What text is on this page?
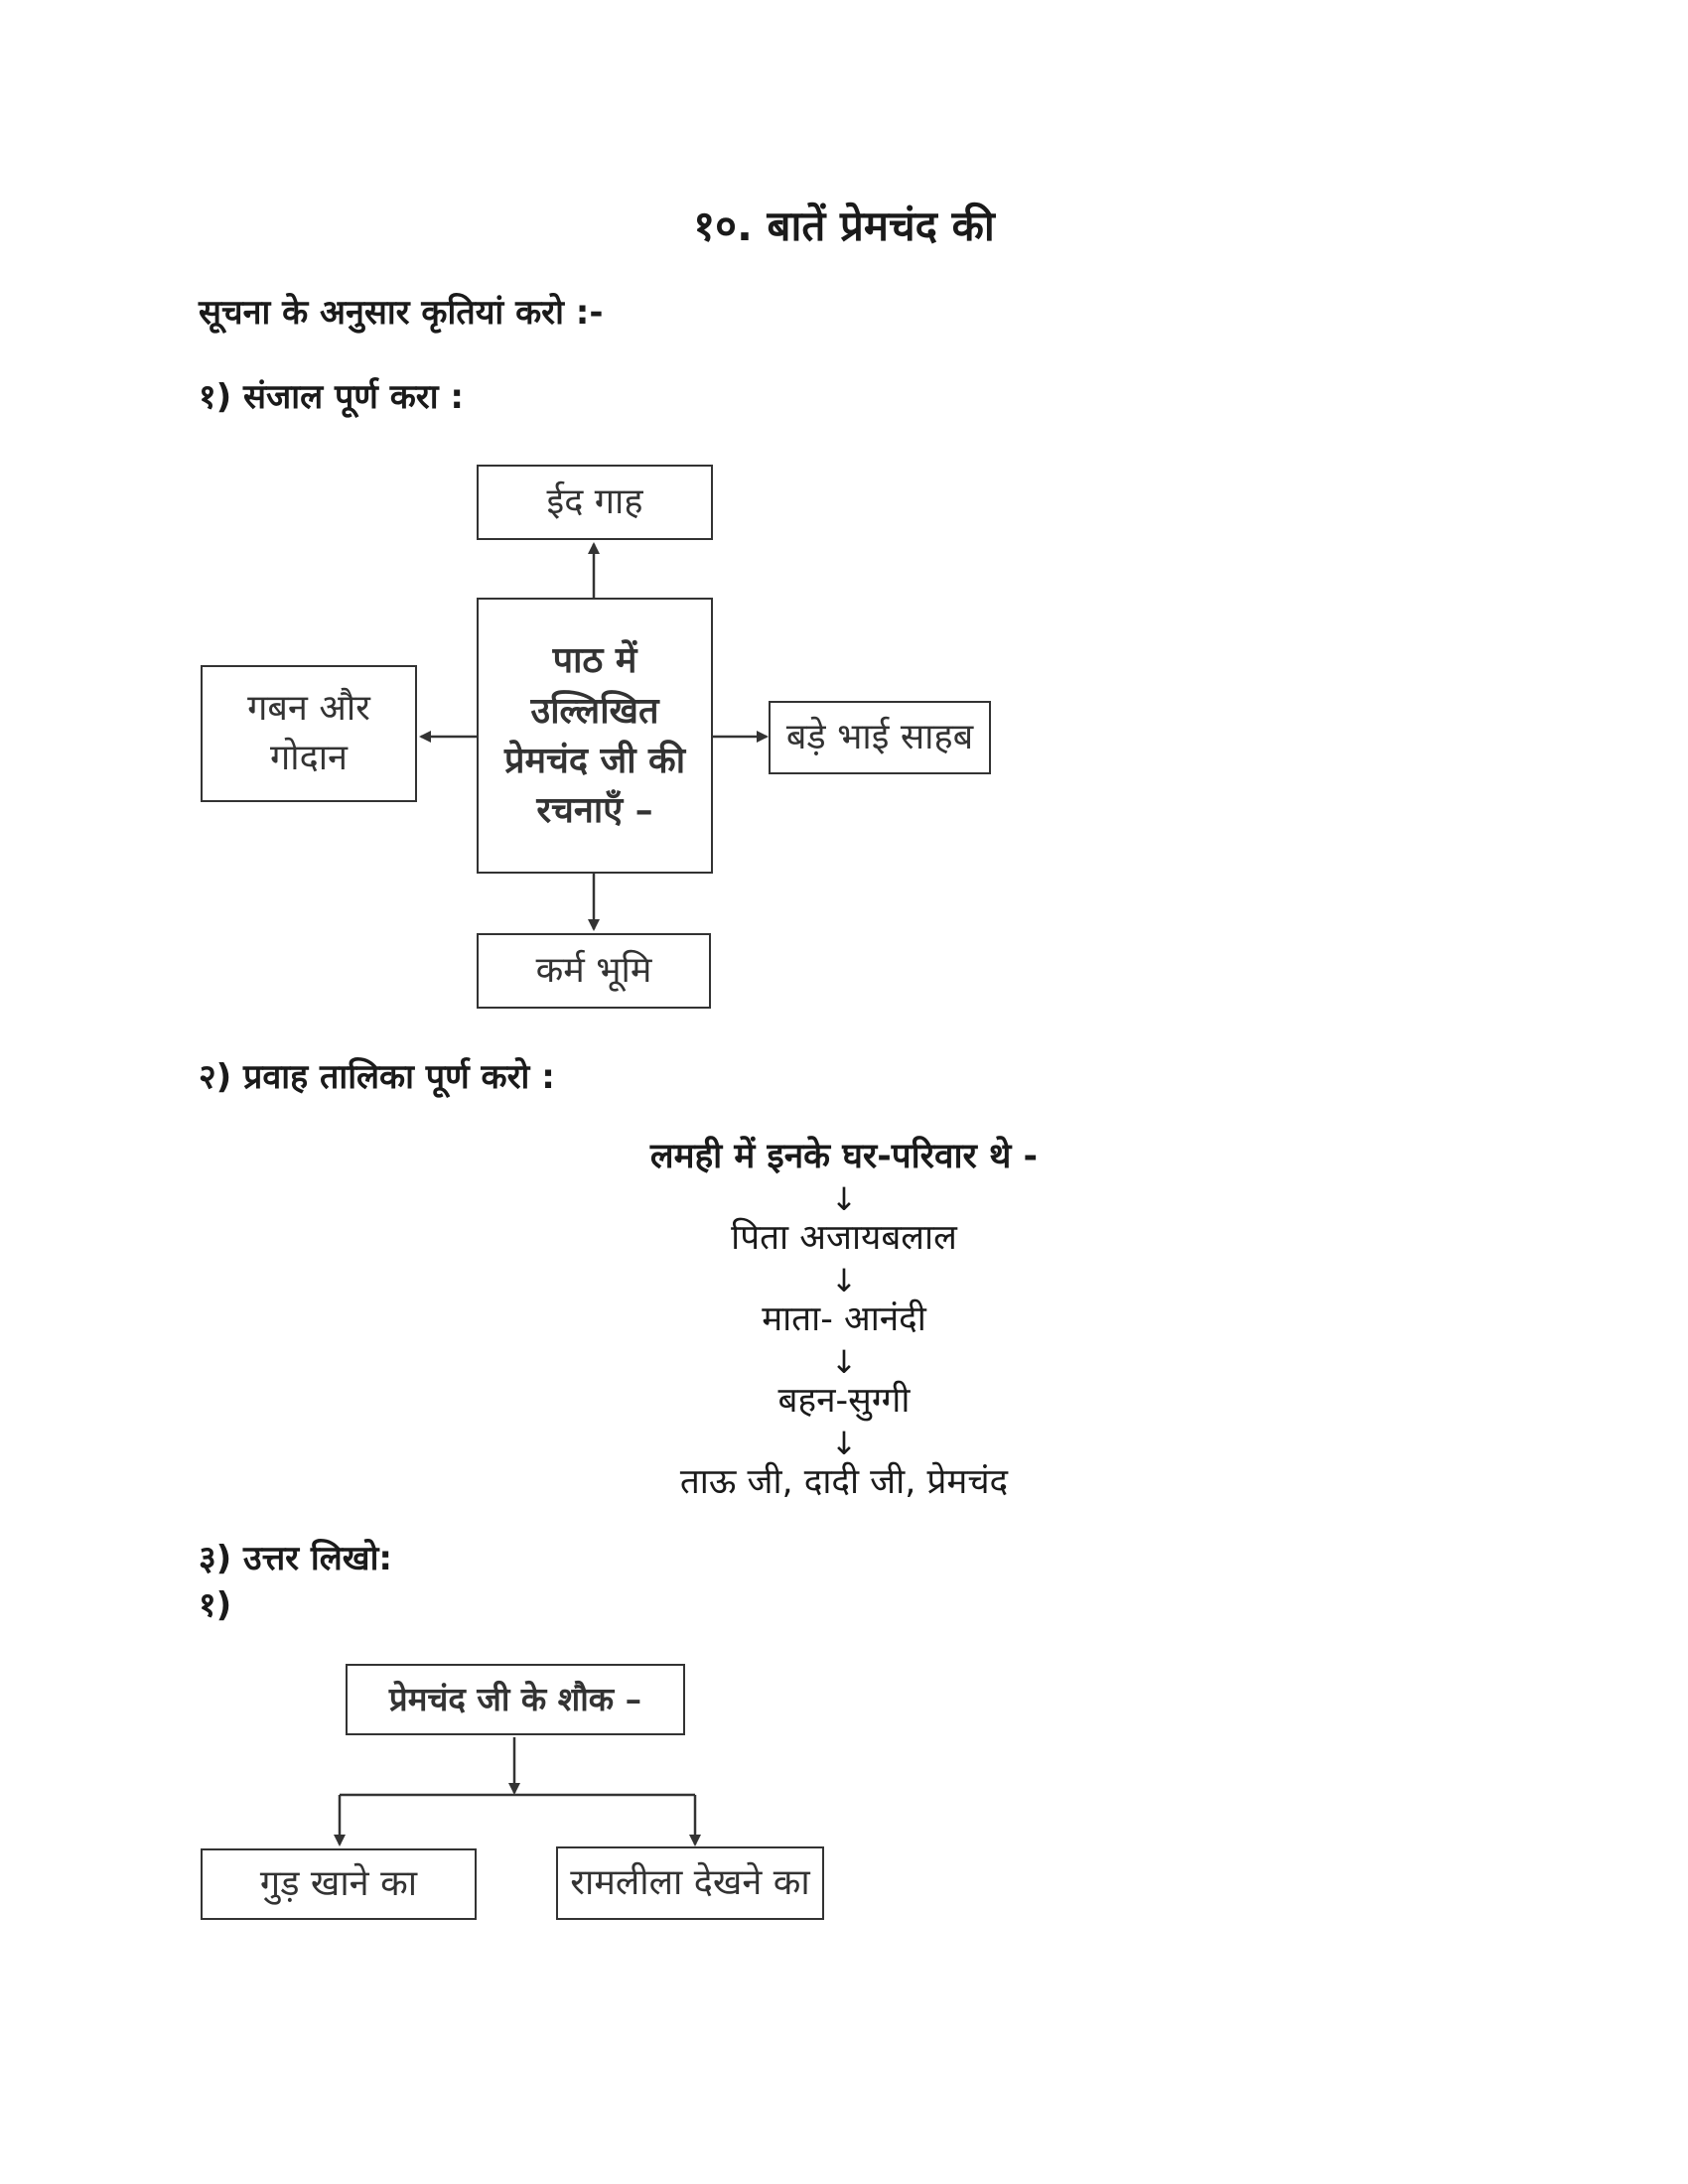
१०. बातें प्रेमचंद की
सूचना के अनुसार कृतियां करो :-
१) संजाल पूर्ण करा :
ईद गाह
पाठ में उल्लिखित प्रेमचंद जी की रचनाएँ –
गबन और गोदान
बड़े भाई साहब
कर्म भूमि
२) प्रवाह तालिका पूर्ण करो :
लमही में इनके घर-परिवार थे -
↓
पिता अजायबलाल
↓
माता- आनंदी
↓
बहन-सुग्गी
↓
ताऊ जी, दादी जी, प्रेमचंद
३) उत्तर लिखो:
१)
प्रेमचंद जी के शौक –
गुड़ खाने का	रामलीला देखने का
